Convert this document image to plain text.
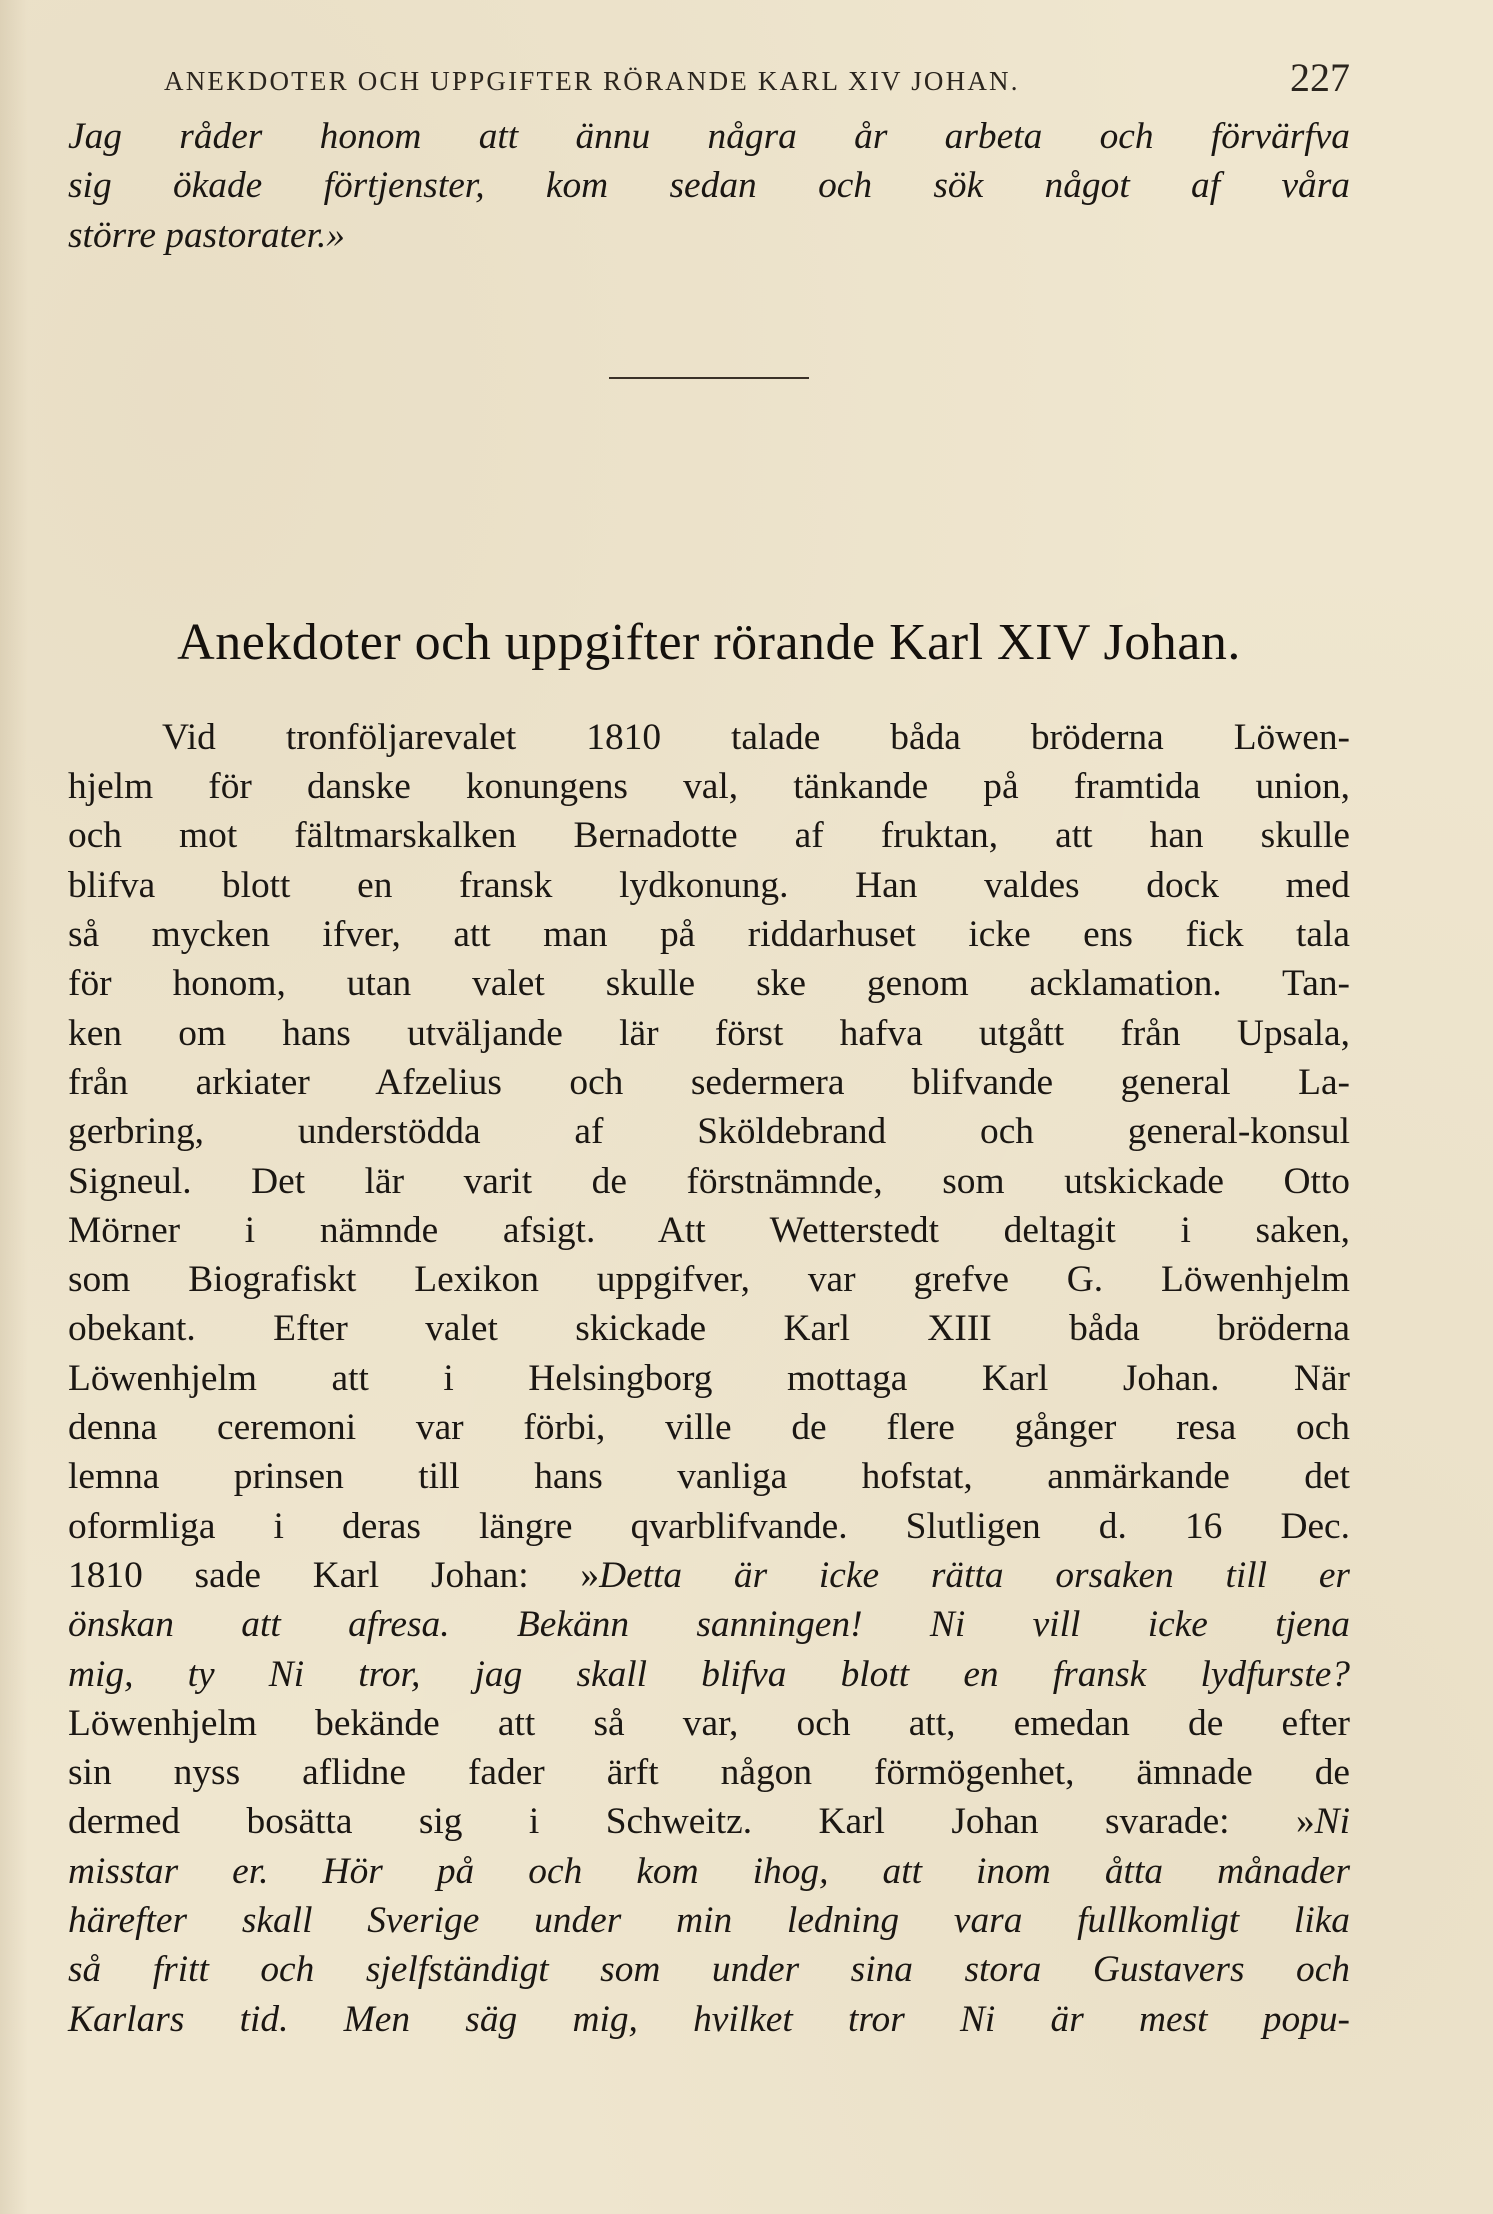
ANEKDOTER OCH UPPGIFTER RÖRANDE KARL XIV JOHAN.	227
Jag råder honom att ännu några år arbeta och förvärfva
sig ökade förtjenster, kom sedan och sök något af våra
större pastorater.»
Anekdoter och uppgifter rörande Karl XIV Johan.
Vid tronföljarevalet 1810 talade båda bröderna Löwen-
hjelm för danske konungens val, tänkande på framtida union,
och mot fältmarskalken Bernadotte af fruktan, att han skulle
blifva blott en fransk lydkonung. Han valdes dock med
så mycken ifver, att man på riddarhuset icke ens fick tala
för honom, utan valet skulle ske genom acklamation. Tan-
ken om hans utväljande lär först hafva utgått från Upsala,
från arkiater Afzelius och sedermera blifvande general La-
gerbring, understödda af Sköldebrand och general-konsul
Signeul. Det lär varit de förstnämnde, som utskickade Otto
Mörner i nämnde afsigt. Att Wetterstedt deltagit i saken,
som Biografiskt Lexikon uppgifver, var grefve G. Löwenhjelm
obekant. Efter valet skickade Karl XIII båda bröderna
Löwenhjelm att i Helsingborg mottaga Karl Johan. När
denna ceremoni var förbi, ville de flere gånger resa och
lemna prinsen till hans vanliga hofstat, anmärkande det
oformliga i deras längre qvarblifvande. Slutligen d. 16 Dec.
1810 sade Karl Johan: »Detta är icke rätta orsaken till er
önskan att afresa. Bekänn sanningen! Ni vill icke tjena
mig, ty Ni tror, jag skall blifva blott en fransk lydfurste?
Löwenhjelm bekände att så var, och att, emedan de efter
sin nyss aflidne fader ärft någon förmögenhet, ämnade de
dermed bosätta sig i Schweitz. Karl Johan svarade: »Ni
misstar er. Hör på och kom ihog, att inom åtta månader
härefter skall Sverige under min ledning vara fullkomligt lika
så fritt och sjelfständigt som under sina stora Gustavers och
Karlars tid. Men säg mig, hvilket tror Ni är mest popu-
